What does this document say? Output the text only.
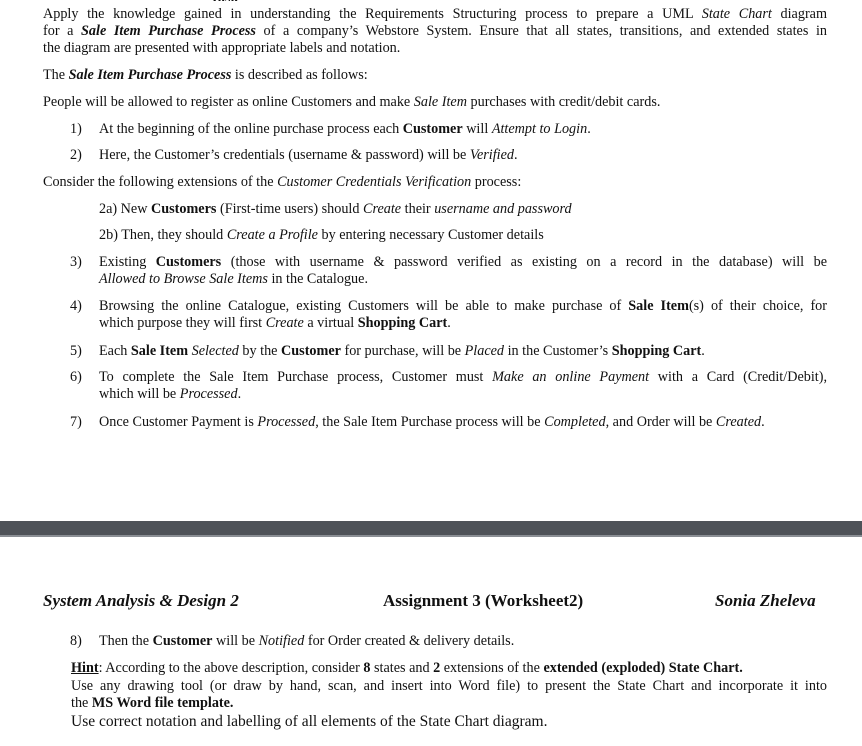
Apply the knowledge gained in understanding the Requirements Structuring process to prepare a UML State Chart diagram
for a Sale Item Purchase Process of a company’s Webstore System. Ensure that all states, transitions, and extended states in
the diagram are presented with appropriate labels and notation.
The Sale Item Purchase Process is described as follows:
People will be allowed to register as online Customers and make Sale Item purchases with credit/debit cards.
1) At the beginning of the online purchase process each Customer will Attempt to Login.
2) Here, the Customer’s credentials (username & password) will be Verified.
Consider the following extensions of the Customer Credentials Verification process:
2a) New Customers (First-time users) should Create their username and password
2b) Then, they should Create a Profile by entering necessary Customer details
3) Existing Customers (those with username & password verified as existing on a record in the database) will be
Allowed to Browse Sale Items in the Catalogue.
4) Browsing the online Catalogue, existing Customers will be able to make purchase of Sale Item(s) of their choice, for
which purpose they will first Create a virtual Shopping Cart.
5) Each Sale Item Selected by the Customer for purchase, will be Placed in the Customer’s Shopping Cart.
6) To complete the Sale Item Purchase process, Customer must Make an online Payment with a Card (Credit/Debit),
which will be Processed.
7) Once Customer Payment is Processed, the Sale Item Purchase process will be Completed, and Order will be Created.
System Analysis & Design 2	Assignment 3 (Worksheet2)	Sonia Zheleva
8) Then the Customer will be Notified for Order created & delivery details.
Hint: According to the above description, consider 8 states and 2 extensions of the extended (exploded) State Chart.
Use any drawing tool (or draw by hand, scan, and insert into Word file) to present the State Chart and incorporate it into
the MS Word file template.
Use correct notation and labelling of all elements of the State Chart diagram.
